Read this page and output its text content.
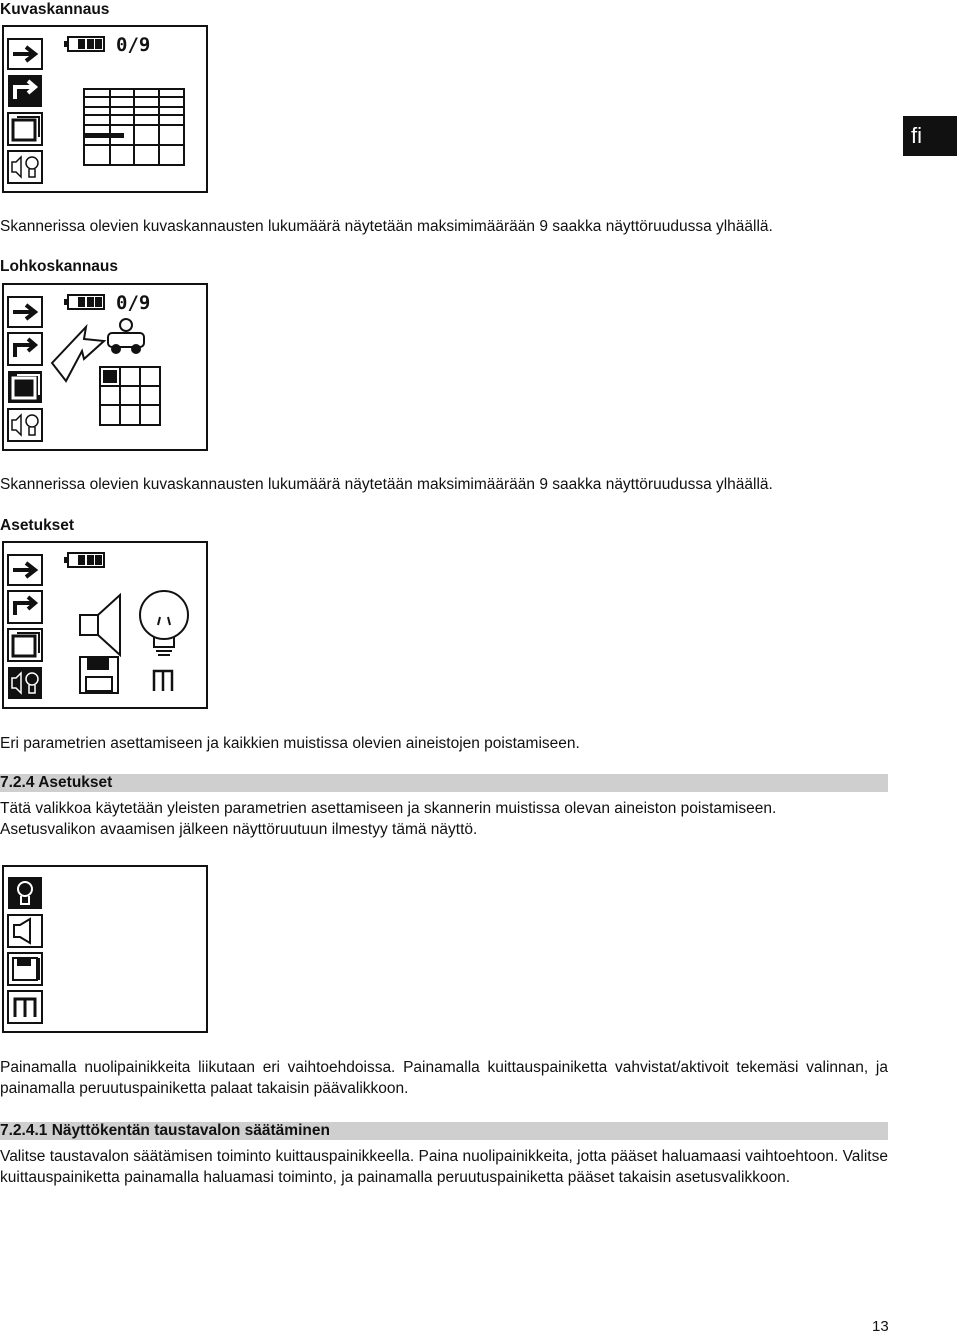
Kuvaskannaus
0/9
Skannerissa olevien kuvaskannausten lukumäärä näytetään maksimimäärään 9 saakka näyttöruudussa ylhäällä.
Lohkoskannaus
0/9
Skannerissa olevien kuvaskannausten lukumäärä näytetään maksimimäärään 9 saakka näyttöruudussa ylhäällä.
Asetukset
Eri parametrien asettamiseen ja kaikkien muistissa olevien aineistojen poistamiseen.
7.2.4 Asetukset
Tätä valikkoa käytetään yleisten parametrien asettamiseen ja skannerin muistissa olevan aineiston poistamiseen.
Asetusvalikon avaamisen jälkeen näyttöruutuun ilmestyy tämä näyttö.
Painamalla nuolipainikkeita liikutaan eri vaihtoehdoissa. Painamalla kuittauspainiketta vahvistat/aktivoit tekemäsi valinnan, ja painamalla peruutuspainiketta palaat takaisin päävalikkoon.
7.2.4.1 Näyttökentän taustavalon säätäminen
Valitse taustavalon säätämisen toiminto kuittauspainikkeella. Paina nuolipainikkeita, jotta pääset haluamaasi vaihtoehtoon. Valitse kuittauspainiketta painamalla haluamasi toiminto, ja painamalla peruutuspainiketta pääset takaisin asetusvalikkoon.
fi
13
